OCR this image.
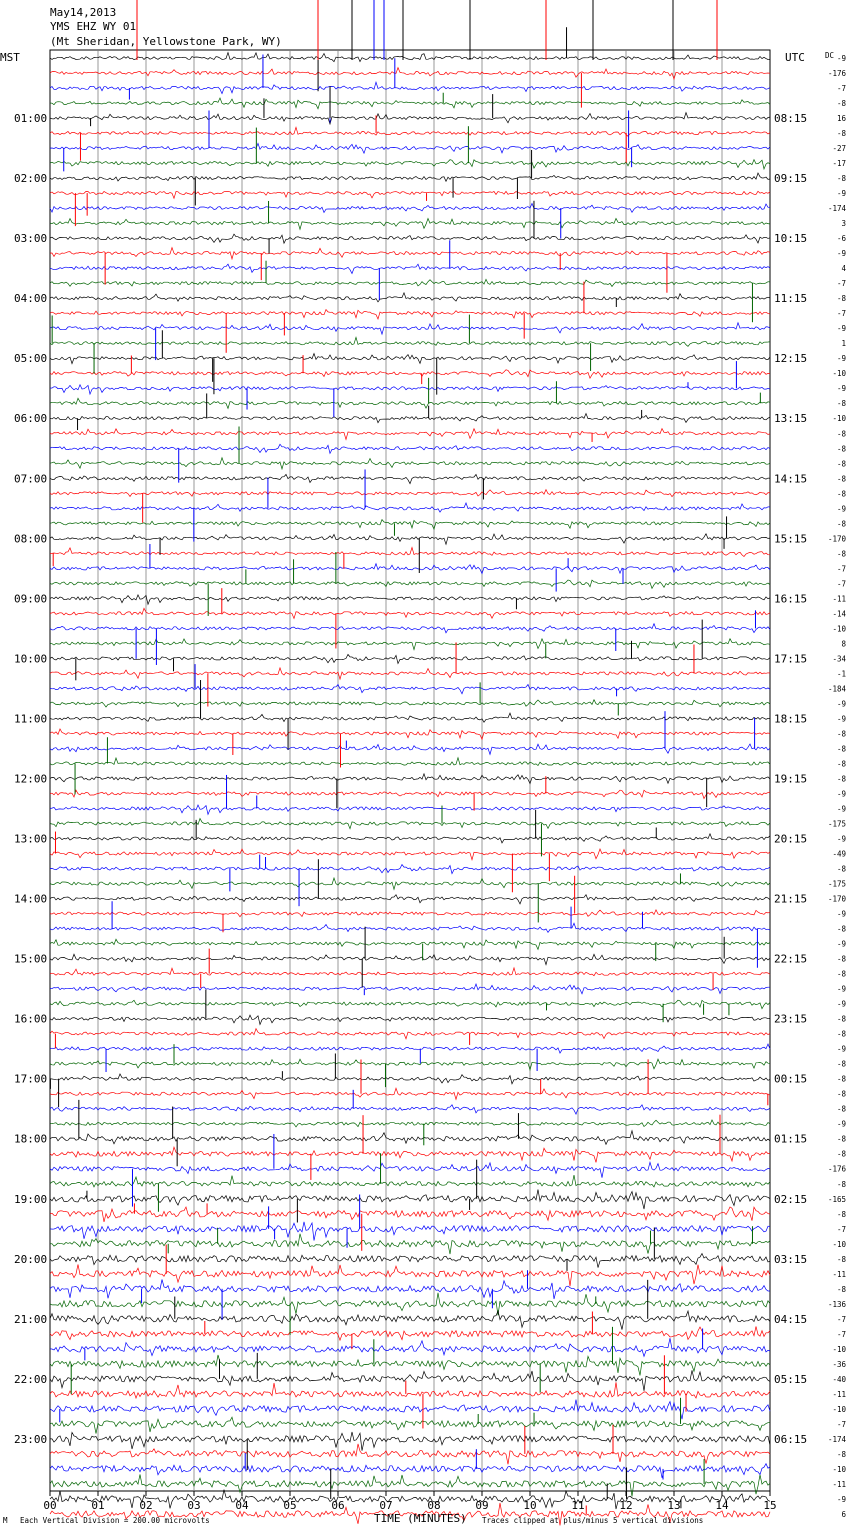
May14,2013
YMS EHZ WY 01
(Mt Sheridan, Yellowstone Park, WY)
MST	UTC	DC
01:00
02:00
03:00
04:00
05:00
06:00
07:00
08:00
09:00
10:00
11:00
12:00
13:00
14:00
15:00
16:00
17:00
18:00
19:00
20:00
21:00
22:00
23:00
08:15
09:15
10:15
11:15
12:15
13:15
14:15
15:15
16:15
17:15
18:15
19:15
20:15
21:15
22:15
23:15
00:15
01:15
02:15
03:15
04:15
05:15
06:15
-9
-176
-7
-8
16
-8
-27
-17
-8
-9
-174
3
-6
-9
4
-7
-8
-7
-9
1
-9
-10
-9
-8
-10
-8
-8
-8
-8
-8
-9
-8
-170
-8
-7
-7
-11
-14
-10
8
-34
-1
-184
-9
-9
-8
-8
-8
-8
-9
-9
-175
-9
-49
-8
-175
-170
-9
-8
-9
-8
-8
-9
-9
-8
-8
-9
-8
-8
-8
-8
-9
-8
-8
-176
-8
-165
-8
-7
-10
-8
-11
-8
-136
-7
-7
-10
-36
-40
-11
-10
-7
-174
-8
-10
-11
-9
6
00	01	02	03	04	05	06	07	08	09	10	11	12	13	14	15
M Each Vertical Division = 200.00 microvolts	TIME (MINUTES) Traces clipped at plus/minus 5 vertical divisions
